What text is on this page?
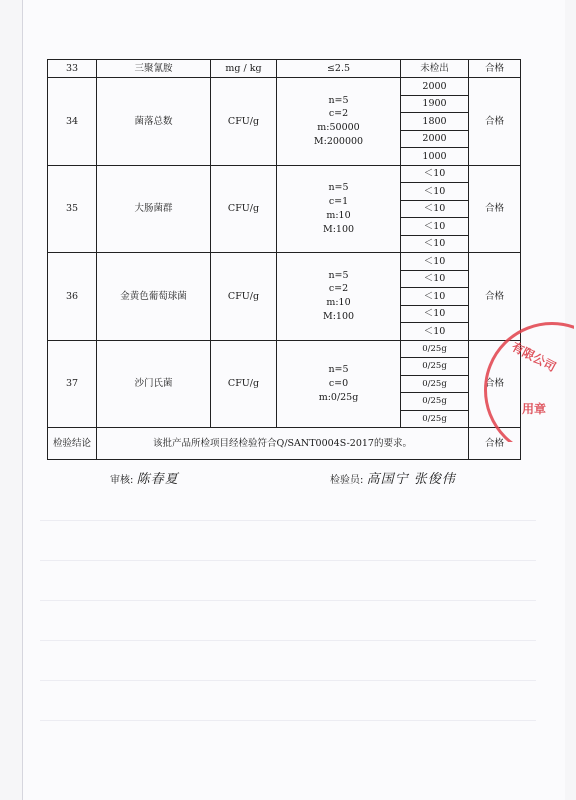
33	三聚氰胺	mg / kg	≤2.5	未检出	合格
34	菌落总数	CFU/g	n=5
c=2
m:50000
M:200000	2000	合格
				1900	
				1800	
				2000	
				1000	
35	大肠菌群	CFU/g	n=5
c=1
m:10
M:100	＜10	合格
				＜10	
				＜10	
				＜10	
				＜10	
36	金黄色葡萄球菌	CFU/g	n=5
c=2
m:10
M:100	＜10	合格
				＜10	
				＜10	
				＜10	
				＜10	
37	沙门氏菌	CFU/g	n=5
c=0
m:0/25g	0/25g	合格
				0/25g	
				0/25g	
				0/25g	
				0/25g	
检验结论	该批产品所检项目经检验符合Q/SANT0004S-2017的要求。				合格
审核: 陈春夏	检验员: 高国宁 张俊伟
有限公司
用章
